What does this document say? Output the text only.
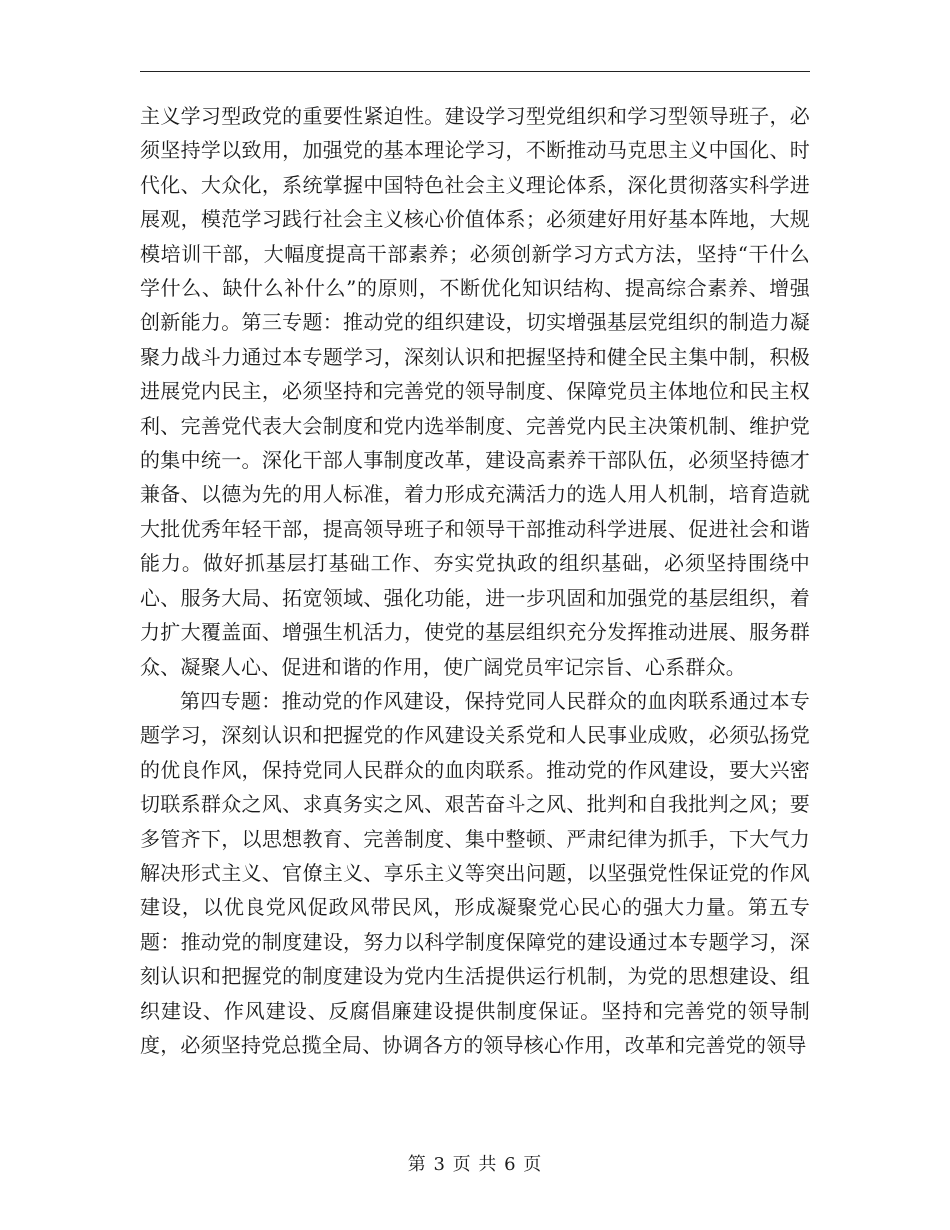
主义学习型政党的重要性紧迫性。建设学习型党组织和学习型领导班子，必须坚持学以致用，加强党的基本理论学习，不断推动马克思主义中国化、时代化、大众化，系统掌握中国特色社会主义理论体系，深化贯彻落实科学进展观，模范学习践行社会主义核心价值体系；必须建好用好基本阵地，大规模培训干部，大幅度提高干部素养；必须创新学习方式方法，坚持“干什么学什么、缺什么补什么”的原则，不断优化知识结构、提高综合素养、增强创新能力。第三专题：推动党的组织建设，切实增强基层党组织的制造力凝聚力战斗力通过本专题学习，深刻认识和把握坚持和健全民主集中制，积极进展党内民主，必须坚持和完善党的领导制度、保障党员主体地位和民主权利、完善党代表大会制度和党内选举制度、完善党内民主决策机制、维护党的集中统一。深化干部人事制度改革，建设高素养干部队伍，必须坚持德才兼备、以德为先的用人标准，着力形成充满活力的选人用人机制，培育造就大批优秀年轻干部，提高领导班子和领导干部推动科学进展、促进社会和谐能力。做好抓基层打基础工作、夯实党执政的组织基础，必须坚持围绕中心、服务大局、拓宽领域、强化功能，进一步巩固和加强党的基层组织，着力扩大覆盖面、增强生机活力，使党的基层组织充分发挥推动进展、服务群众、凝聚人心、促进和谐的作用，使广阔党员牢记宗旨、心系群众。

第四专题：推动党的作风建设，保持党同人民群众的血肉联系通过本专题学习，深刻认识和把握党的作风建设关系党和人民事业成败，必须弘扬党的优良作风，保持党同人民群众的血肉联系。推动党的作风建设，要大兴密切联系群众之风、求真务实之风、艰苦奋斗之风、批判和自我批判之风；要多管齐下，以思想教育、完善制度、集中整顿、严肃纪律为抓手，下大气力解决形式主义、官僚主义、享乐主义等突出问题，以坚强党性保证党的作风建设，以优良党风促政风带民风，形成凝聚党心民心的强大力量。第五专题：推动党的制度建设，努力以科学制度保障党的建设通过本专题学习，深刻认识和把握党的制度建设为党内生活提供运行机制，为党的思想建设、组织建设、作风建设、反腐倡廉建设提供制度保证。坚持和完善党的领导制度，必须坚持党总揽全局、协调各方的领导核心作用，改革和完善党的领导

第 3 页 共 6 页
